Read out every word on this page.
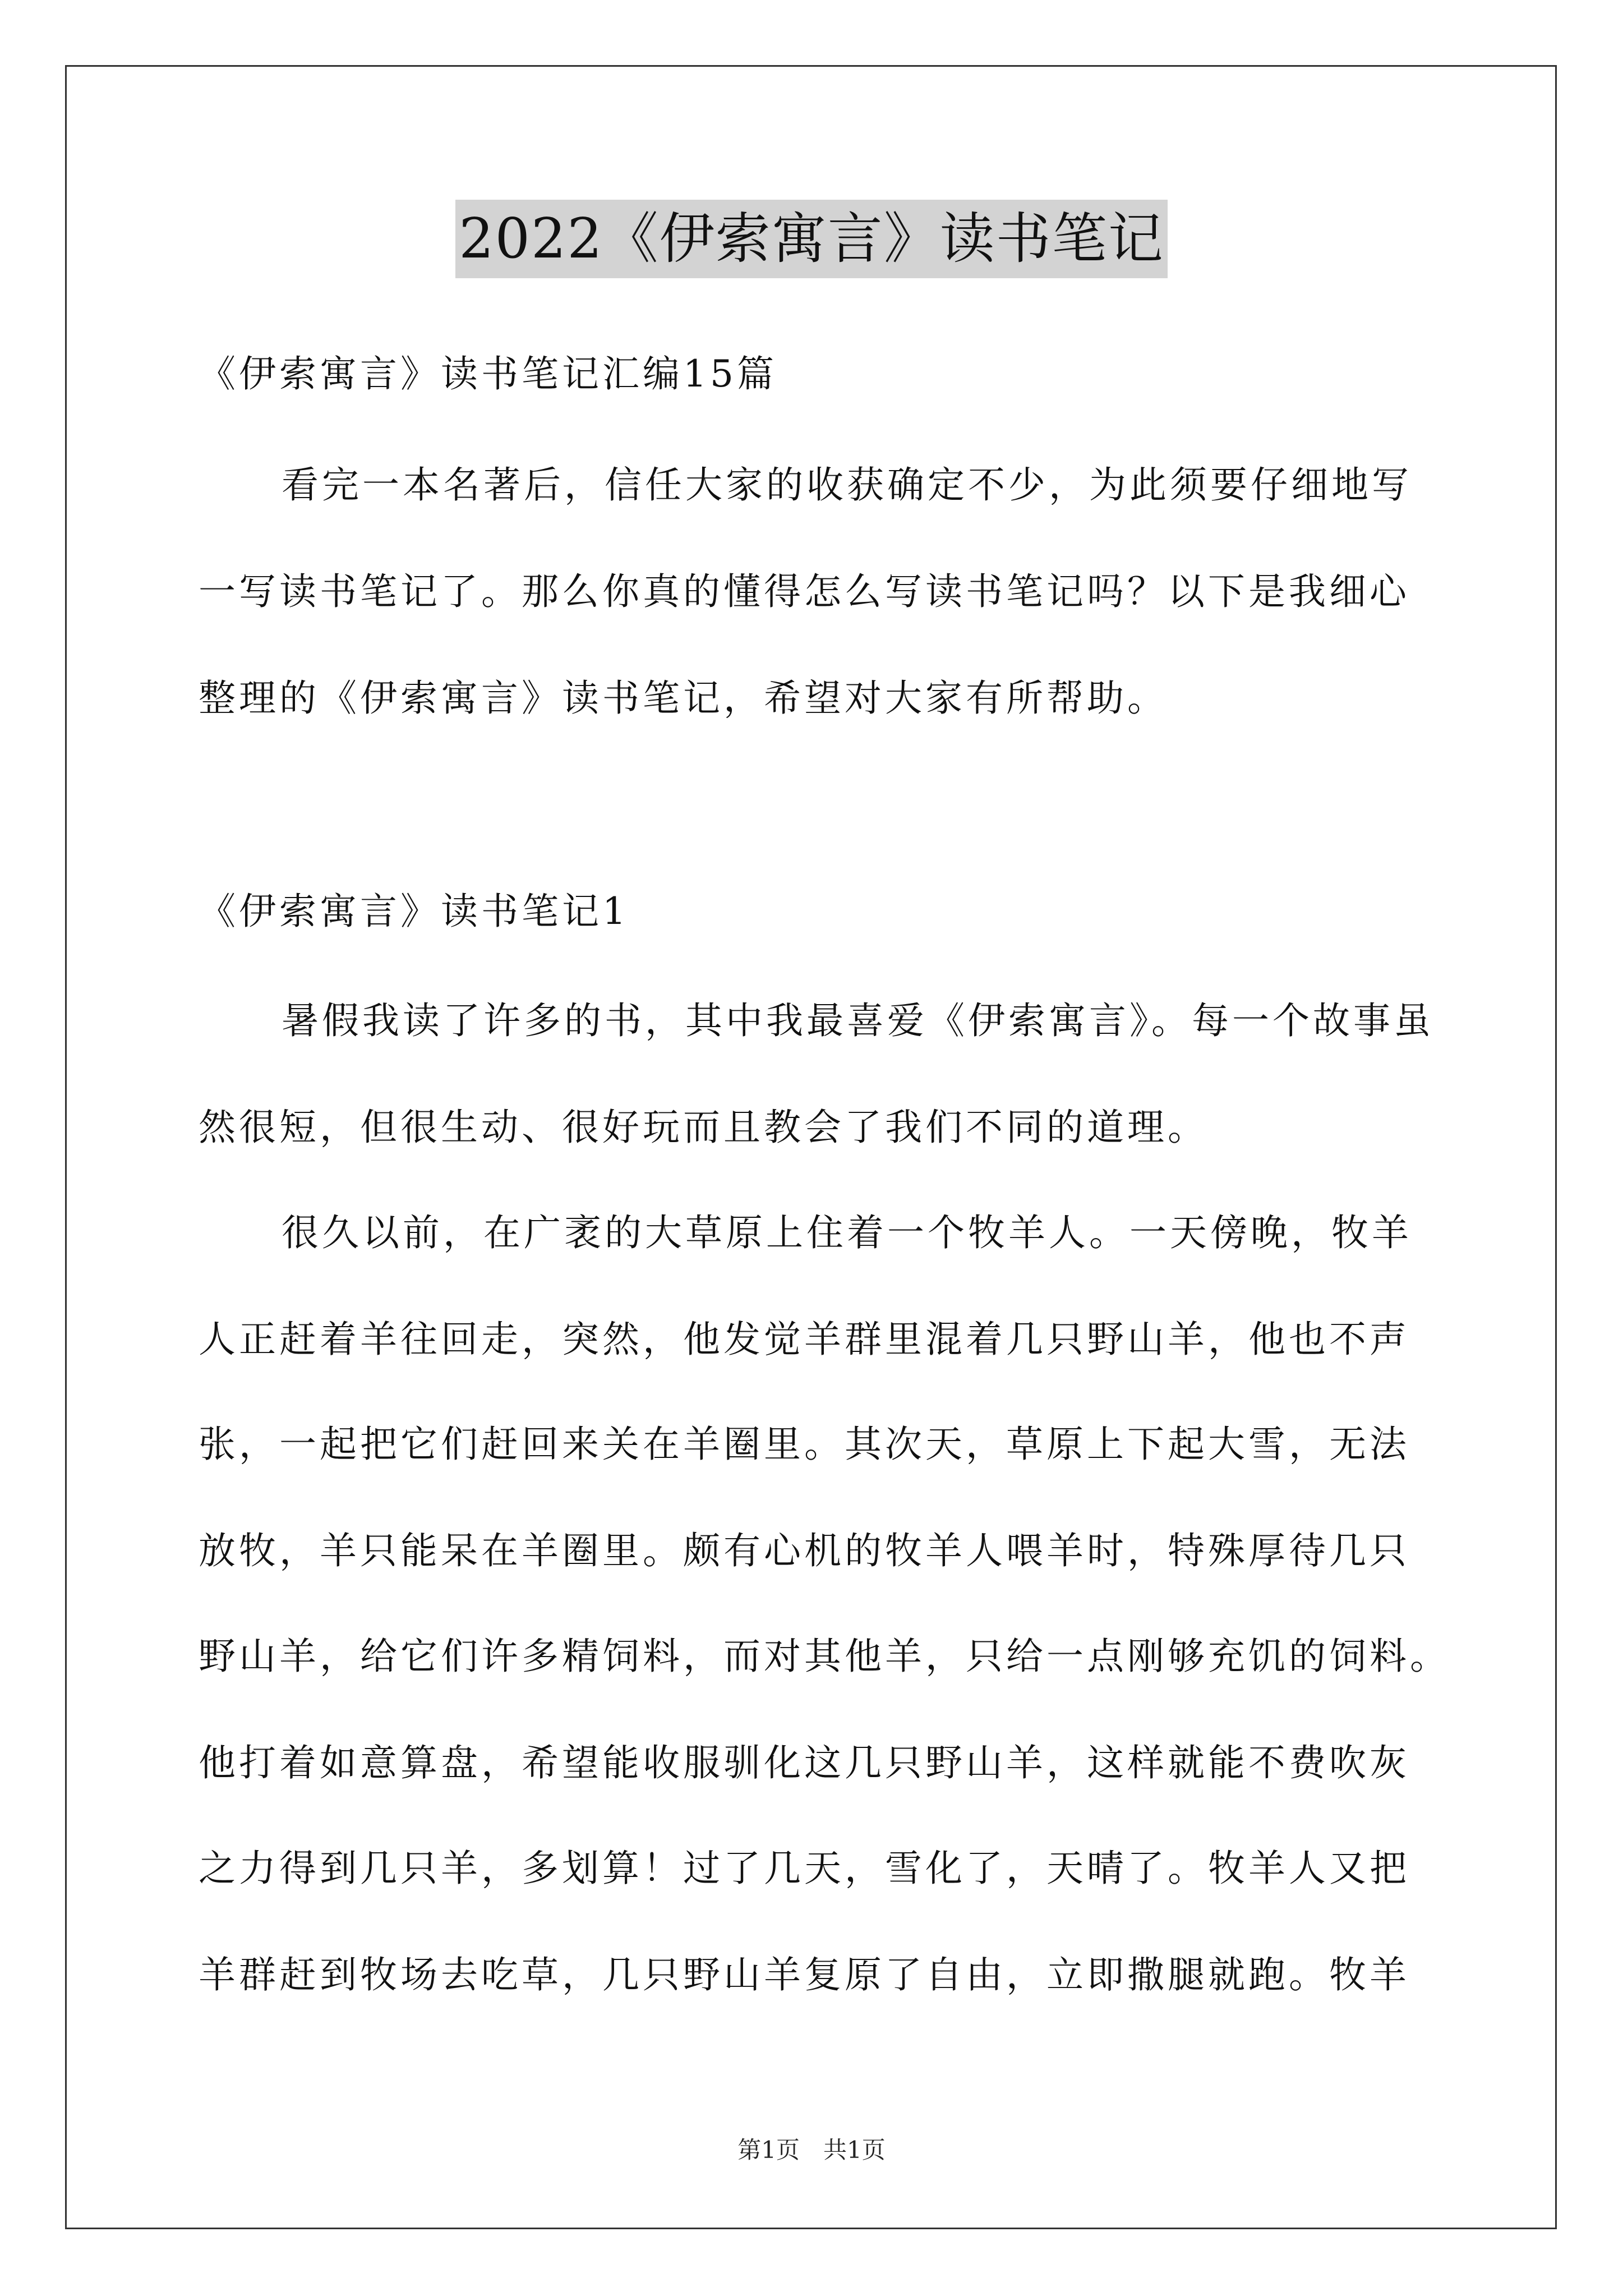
2022《伊索寓言》读书笔记
《伊索寓言》读书笔记汇编15篇
看完一本名著后，信任大家的收获确定不少，为此须要仔细地写
一写读书笔记了。那么你真的懂得怎么写读书笔记吗？以下是我细心
整理的《伊索寓言》读书笔记，希望对大家有所帮助。
《伊索寓言》读书笔记1
暑假我读了许多的书，其中我最喜爱《伊索寓言》。每一个故事虽
然很短，但很生动、很好玩而且教会了我们不同的道理。
很久以前，在广袤的大草原上住着一个牧羊人。一天傍晚，牧羊
人正赶着羊往回走，突然，他发觉羊群里混着几只野山羊，他也不声
张，一起把它们赶回来关在羊圈里。其次天，草原上下起大雪，无法
放牧，羊只能呆在羊圈里。颇有心机的牧羊人喂羊时，特殊厚待几只
野山羊，给它们许多精饲料，而对其他羊，只给一点刚够充饥的饲料。
他打着如意算盘，希望能收服驯化这几只野山羊，这样就能不费吹灰
之力得到几只羊，多划算！过了几天，雪化了，天晴了。牧羊人又把
羊群赶到牧场去吃草，几只野山羊复原了自由，立即撒腿就跑。牧羊
第1页　共1页
